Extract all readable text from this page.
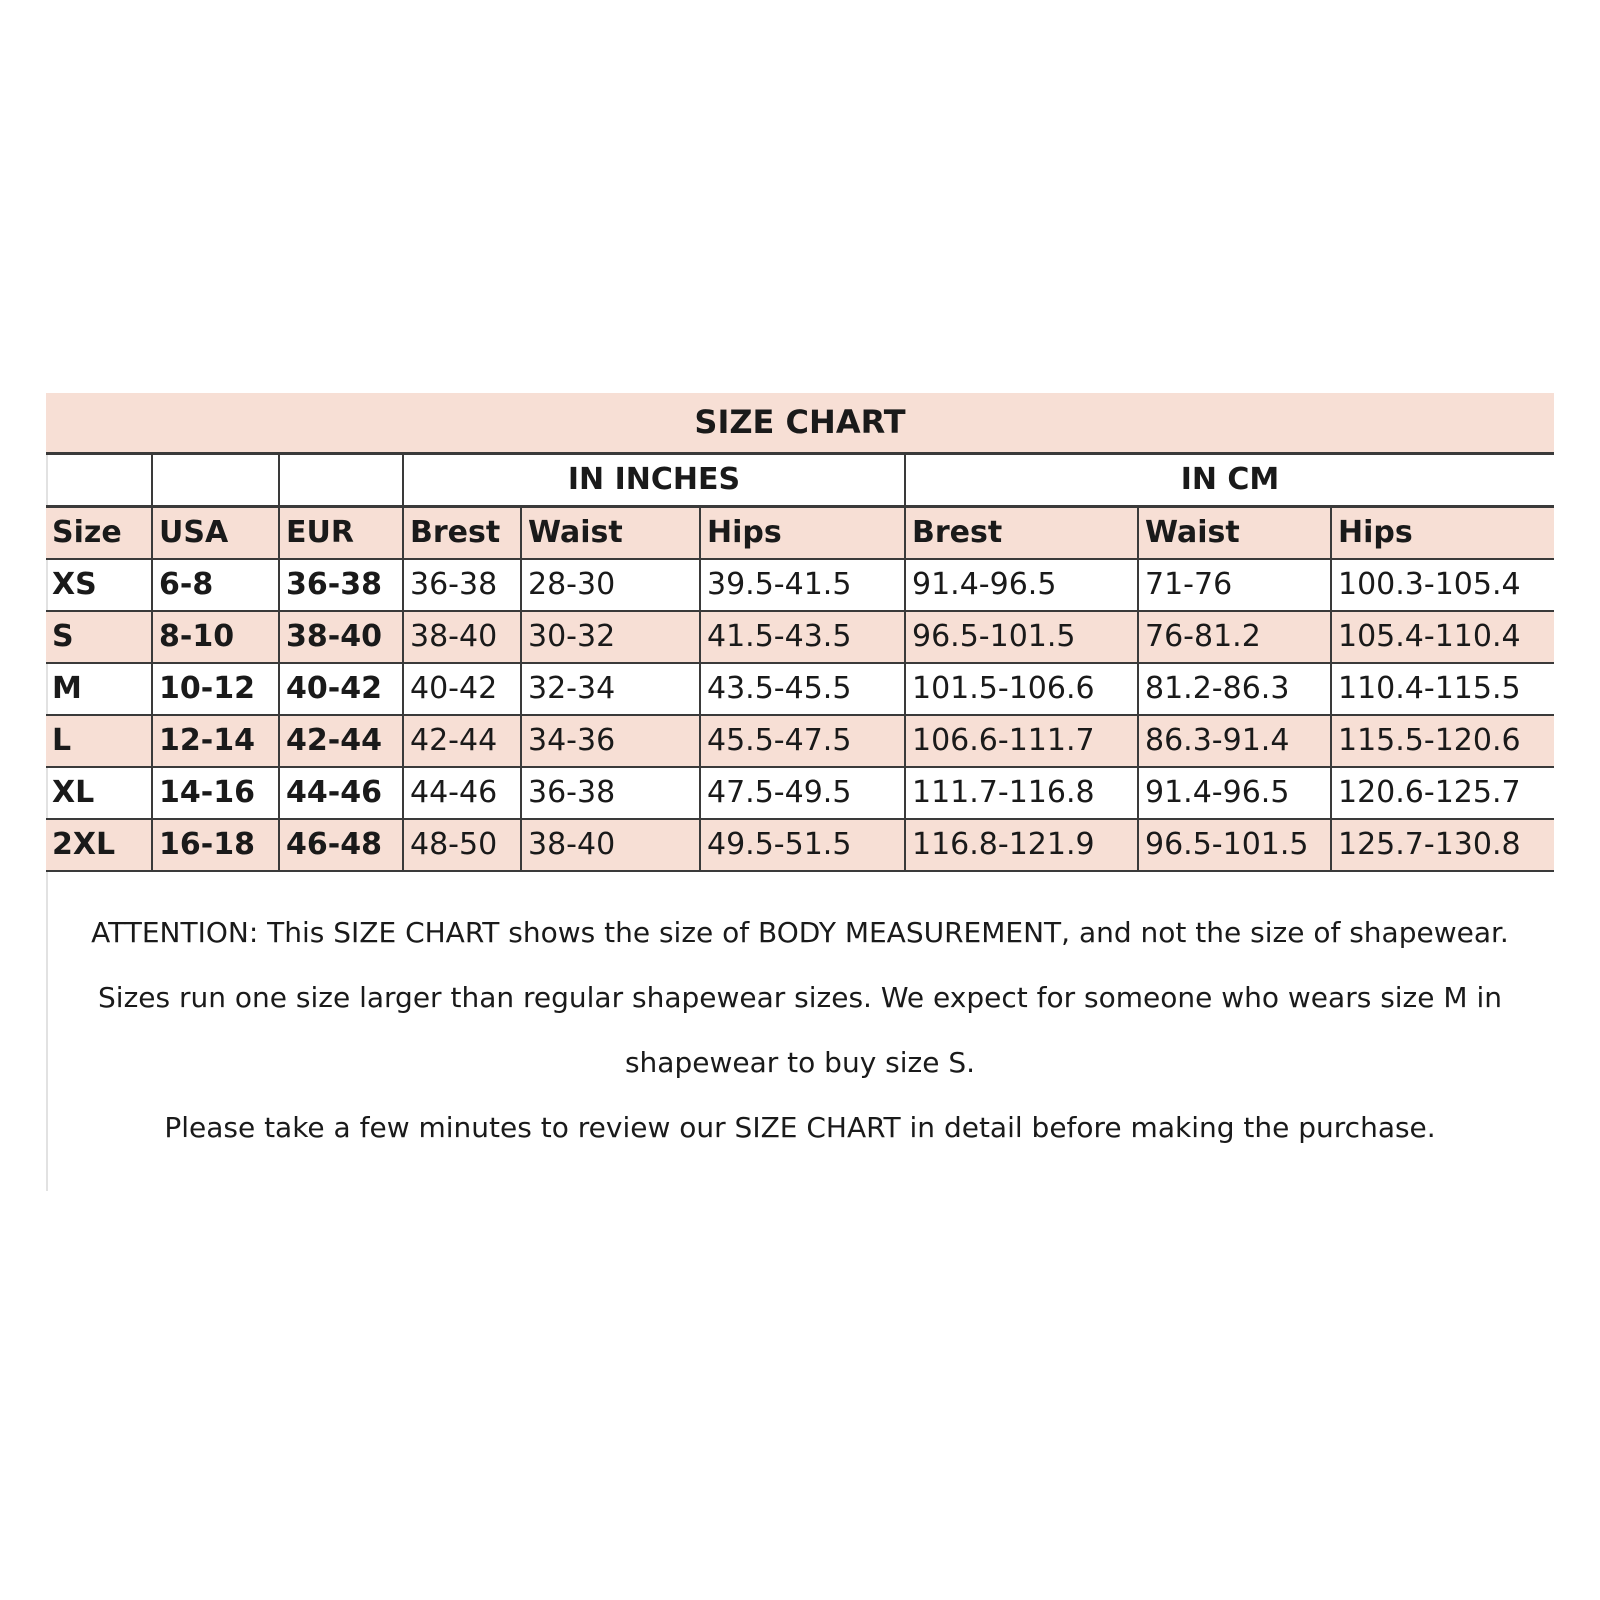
SIZE CHART								
			IN INCHES			IN CM		
Size	USA	EUR	Brest	Waist	Hips	Brest	Waist	Hips
XS	6-8	36-38	36-38	28-30	39.5-41.5	91.4-96.5	71-76	100.3-105.4
S	8-10	38-40	38-40	30-32	41.5-43.5	96.5-101.5	76-81.2	105.4-110.4
M	10-12	40-42	40-42	32-34	43.5-45.5	101.5-106.6	81.2-86.3	110.4-115.5
L	12-14	42-44	42-44	34-36	45.5-47.5	106.6-111.7	86.3-91.4	115.5-120.6
XL	14-16	44-46	44-46	36-38	47.5-49.5	111.7-116.8	91.4-96.5	120.6-125.7
2XL	16-18	46-48	48-50	38-40	49.5-51.5	116.8-121.9	96.5-101.5	125.7-130.8

ATTENTION: This SIZE CHART shows the size of BODY MEASUREMENT, and not the size of shapewear.

Sizes run one size larger than regular shapewear sizes. We expect for someone who wears size M in

shapewear to buy size S.

Please take a few minutes to review our SIZE CHART in detail before making the purchase.
